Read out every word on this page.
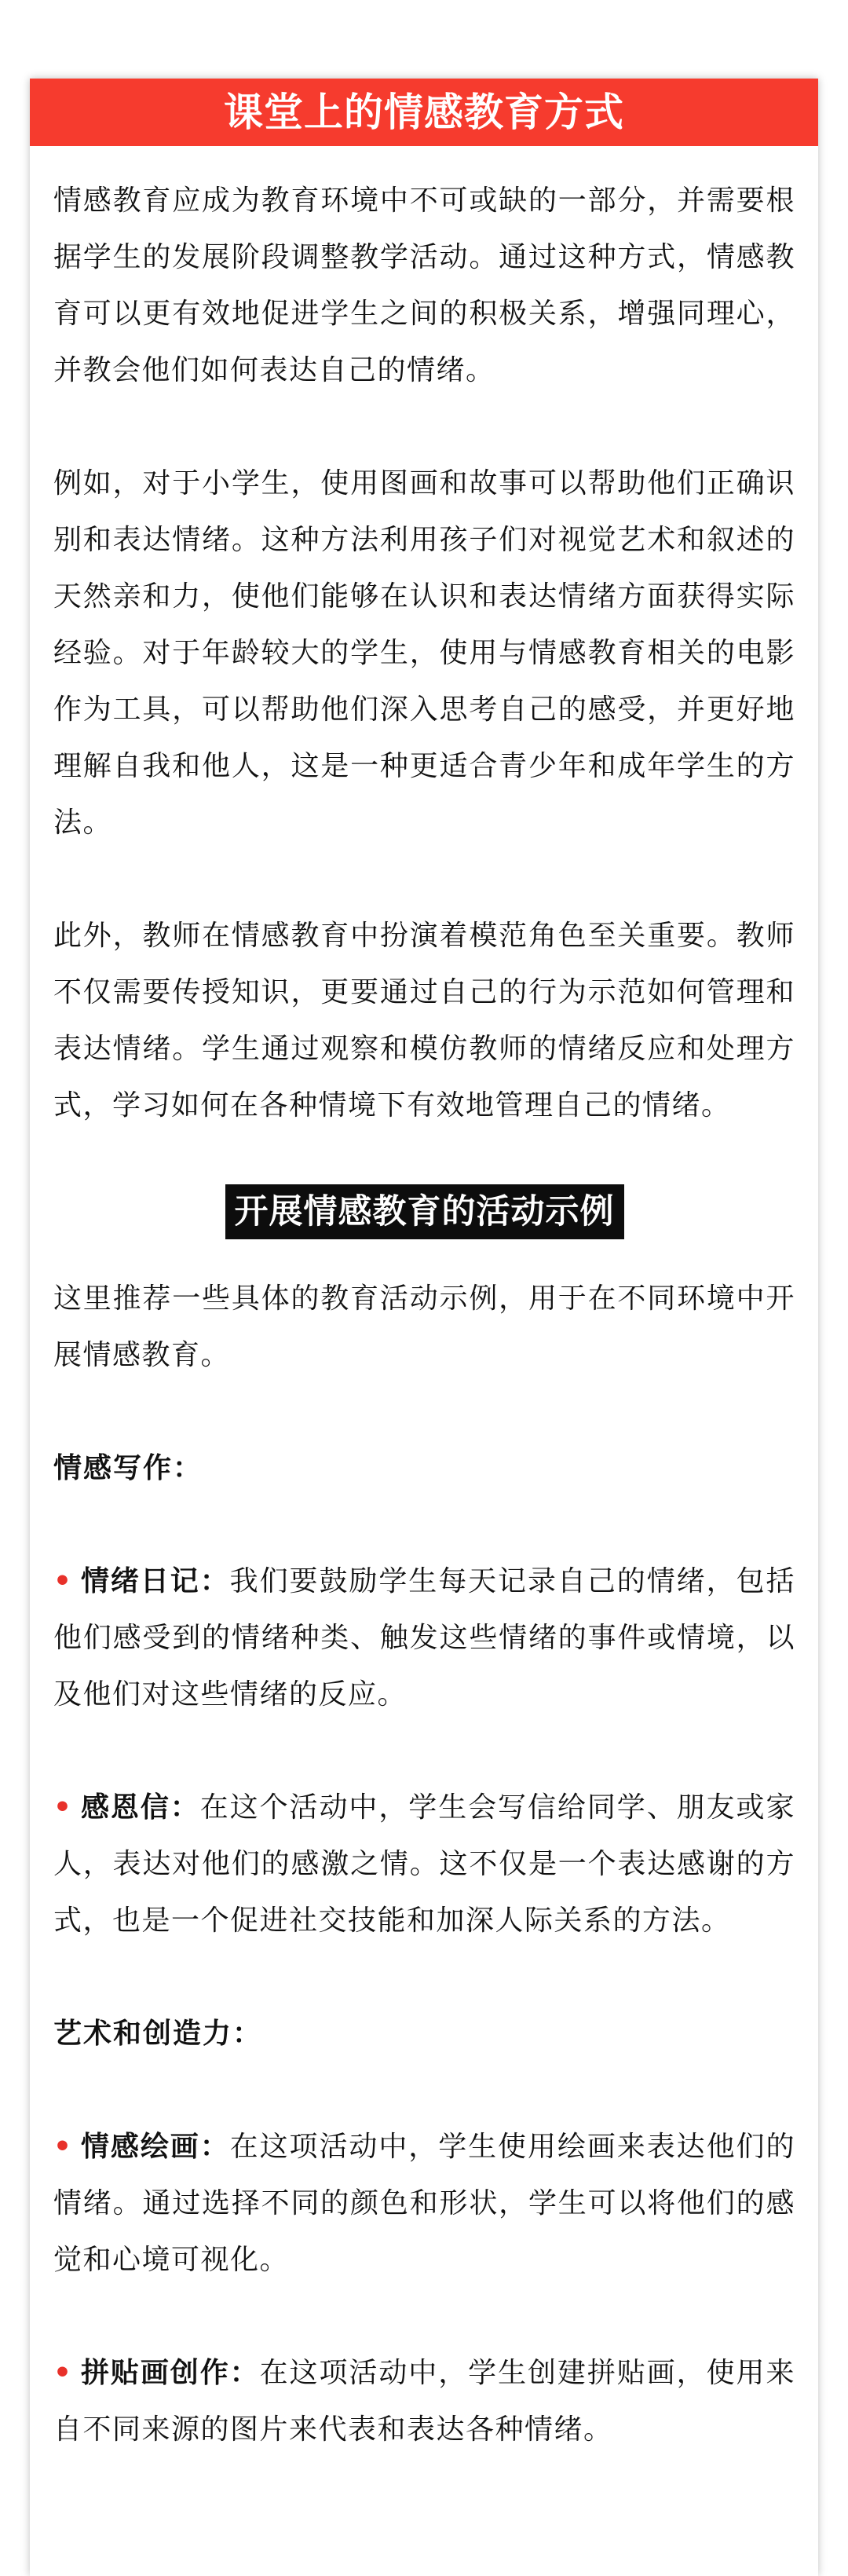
课堂上的情感教育方式

情感教育应成为教育环境中不可或缺的一部分，并需要根据学生的发展阶段调整教学活动。通过这种方式，情感教育可以更有效地促进学生之间的积极关系，增强同理心，并教会他们如何表达自己的情绪。

例如，对于小学生，使用图画和故事可以帮助他们正确识别和表达情绪。这种方法利用孩子们对视觉艺术和叙述的天然亲和力，使他们能够在认识和表达情绪方面获得实际经验。对于年龄较大的学生，使用与情感教育相关的电影作为工具，可以帮助他们深入思考自己的感受，并更好地理解自我和他人，这是一种更适合青少年和成年学生的方法。

此外，教师在情感教育中扮演着模范角色至关重要。教师不仅需要传授知识，更要通过自己的行为示范如何管理和表达情绪。学生通过观察和模仿教师的情绪反应和处理方式，学习如何在各种情境下有效地管理自己的情绪。

开展情感教育的活动示例

这里推荐一些具体的教育活动示例，用于在不同环境中开展情感教育。

情感写作：

• 情绪日记：我们要鼓励学生每天记录自己的情绪，包括他们感受到的情绪种类、触发这些情绪的事件或情境，以及他们对这些情绪的反应。

• 感恩信：在这个活动中，学生会写信给同学、朋友或家人，表达对他们的感激之情。这不仅是一个表达感谢的方式，也是一个促进社交技能和加深人际关系的方法。

艺术和创造力：

• 情感绘画：在这项活动中，学生使用绘画来表达他们的情绪。通过选择不同的颜色和形状，学生可以将他们的感觉和心境可视化。

• 拼贴画创作：在这项活动中，学生创建拼贴画，使用来自不同来源的图片来代表和表达各种情绪。
